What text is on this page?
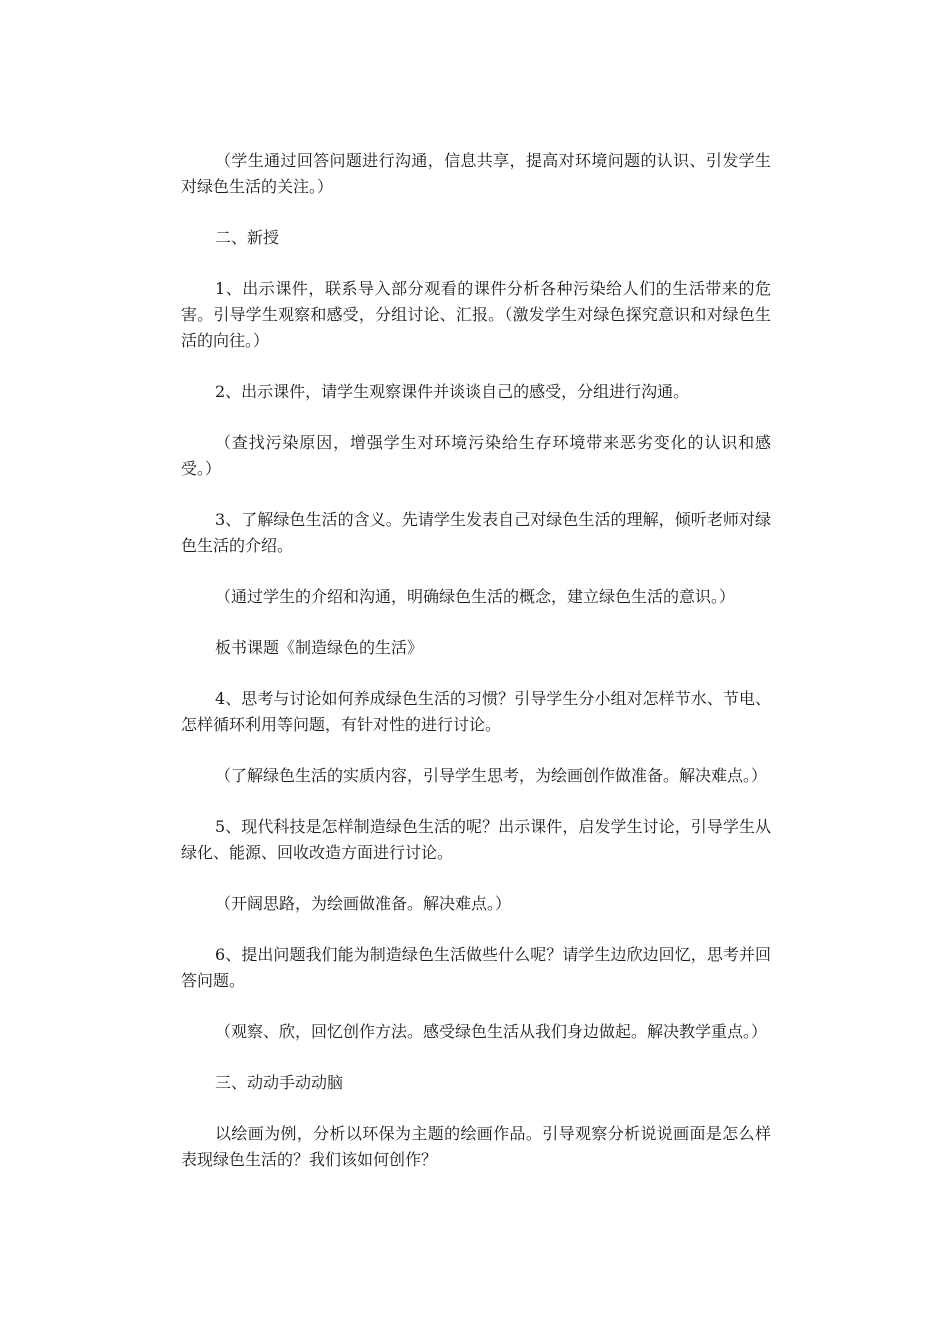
（学生通过回答问题进行沟通，信息共享，提高对环境问题的认识、引发学生对绿色生活的关注。）

二、新授

1、出示课件，联系导入部分观看的课件分析各种污染给人们的生活带来的危害。引导学生观察和感受，分组讨论、汇报。（激发学生对绿色探究意识和对绿色生活的向往。）

2、出示课件，请学生观察课件并谈谈自己的感受，分组进行沟通。

（查找污染原因，增强学生对环境污染给生存环境带来恶劣变化的认识和感受。）

3、了解绿色生活的含义。先请学生发表自己对绿色生活的理解，倾听老师对绿色生活的介绍。

（通过学生的介绍和沟通，明确绿色生活的概念，建立绿色生活的意识。）

板书课题《制造绿色的生活》

4、思考与讨论如何养成绿色生活的习惯？引导学生分小组对怎样节水、节电、怎样循环利用等问题，有针对性的进行讨论。

（了解绿色生活的实质内容，引导学生思考，为绘画创作做准备。解决难点。）

5、现代科技是怎样制造绿色生活的呢？出示课件，启发学生讨论，引导学生从绿化、能源、回收改造方面进行讨论。

（开阔思路，为绘画做准备。解决难点。）

6、提出问题我们能为制造绿色生活做些什么呢？请学生边欣边回忆，思考并回答问题。

（观察、欣，回忆创作方法。感受绿色生活从我们身边做起。解决教学重点。）

三、动动手动动脑

以绘画为例，分析以环保为主题的绘画作品。引导观察分析说说画面是怎么样表现绿色生活的？我们该如何创作？
